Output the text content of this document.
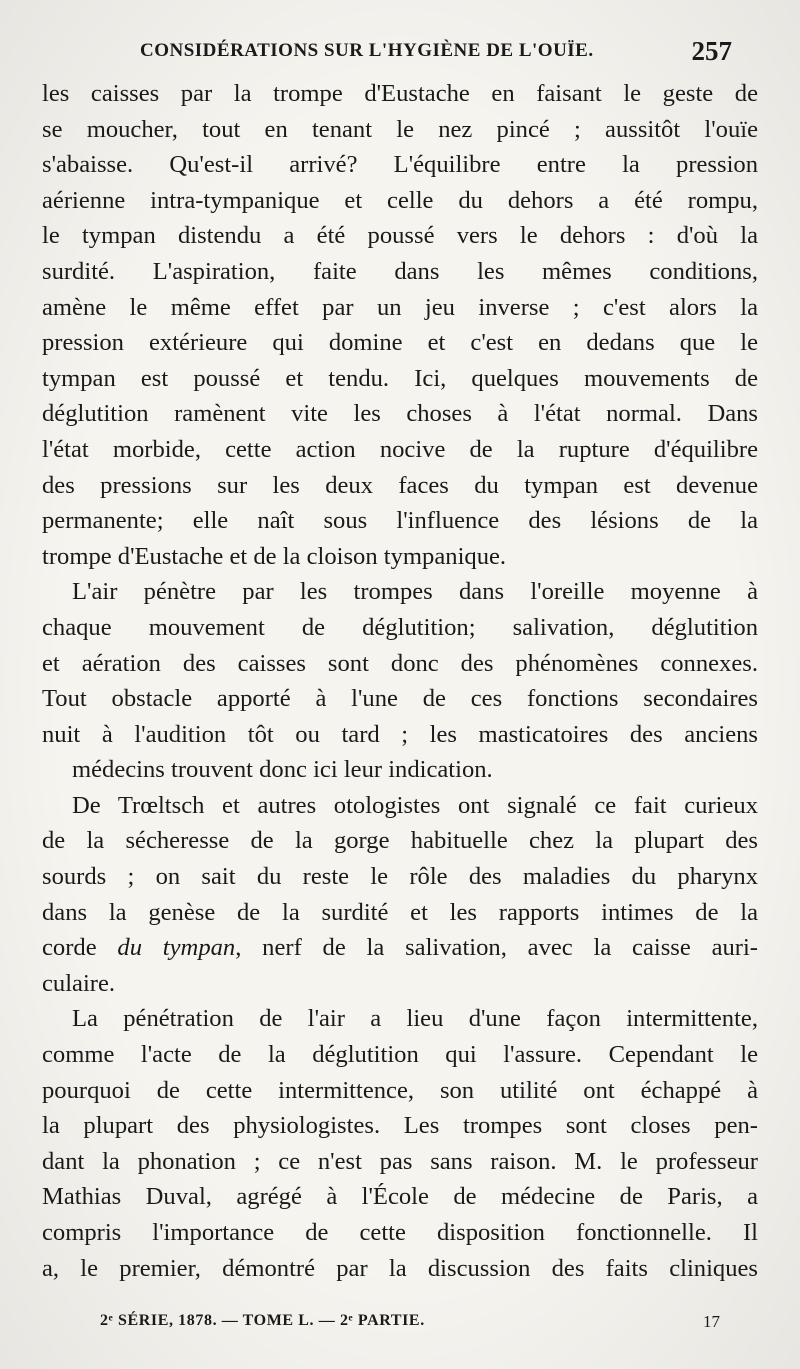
CONSIDÉRATIONS SUR L'HYGIÈNE DE L'OUÏE.	257

les caisses par la trompe d'Eustache en faisant le geste de
se moucher, tout en tenant le nez pincé ; aussitôt l'ouïe
s'abaisse. Qu'est-il arrivé? L'équilibre entre la pression
aérienne intra-tympanique et celle du dehors a été rompu,
le tympan distendu a été poussé vers le dehors : d'où la
surdité. L'aspiration, faite dans les mêmes conditions,
amène le même effet par un jeu inverse ; c'est alors la
pression extérieure qui domine et c'est en dedans que le
tympan est poussé et tendu. Ici, quelques mouvements de
déglutition ramènent vite les choses à l'état normal. Dans
l'état morbide, cette action nocive de la rupture d'équilibre
des pressions sur les deux faces du tympan est devenue
permanente; elle naît sous l'influence des lésions de la
trompe d'Eustache et de la cloison tympanique.

L'air pénètre par les trompes dans l'oreille moyenne à
chaque mouvement de déglutition; salivation, déglutition
et aération des caisses sont donc des phénomènes connexes.
Tout obstacle apporté à l'une de ces fonctions secondaires
nuit à l'audition tôt ou tard ; les masticatoires des anciens
médecins trouvent donc ici leur indication.

De Trœltsch et autres otologistes ont signalé ce fait curieux
de la sécheresse de la gorge habituelle chez la plupart des
sourds ; on sait du reste le rôle des maladies du pharynx
dans la genèse de la surdité et les rapports intimes de la
corde du tympan, nerf de la salivation, avec la caisse auri-
culaire.

La pénétration de l'air a lieu d'une façon intermittente,
comme l'acte de la déglutition qui l'assure. Cependant le
pourquoi de cette intermittence, son utilité ont échappé à
la plupart des physiologistes. Les trompes sont closes pen-
dant la phonation ; ce n'est pas sans raison. M. le professeur
Mathias Duval, agrégé à l'École de médecine de Paris, a
compris l'importance de cette disposition fonctionnelle. Il
a, le premier, démontré par la discussion des faits cliniques

2ᵉ SÉRIE, 1878. — TOME L. — 2ᵉ PARTIE.	17
